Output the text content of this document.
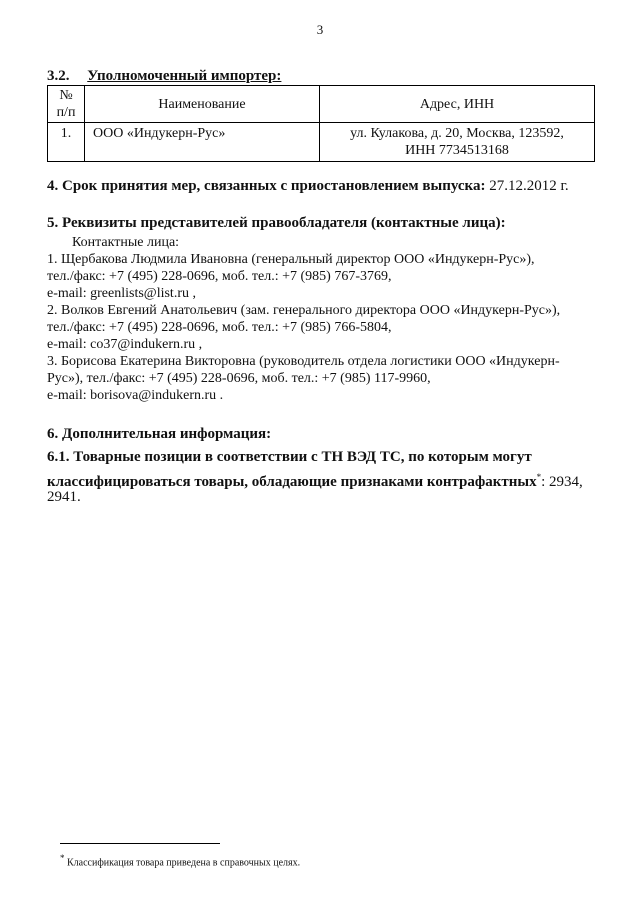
3
3.2. Уполномоченный импортер:
№
п/п	Наименование	Адрес, ИНН
1.	ООО «Индукерн-Рус»	ул. Кулакова, д. 20, Москва, 123592,
ИНН 7734513168
4. Срок принятия мер, связанных с приостановлением выпуска: 27.12.2012 г.
5. Реквизиты представителей правообладателя (контактные лица):
Контактные лица:
1. Щербакова Людмила Ивановна (генеральный директор ООО «Индукерн-Рус»),
тел./факс: +7 (495) 228-0696, моб. тел.: +7 (985) 767-3769,
e-mail: greenlists@list.ru ,
2. Волков Евгений Анатольевич (зам. генерального директора ООО «Индукерн-Рус»),
тел./факс: +7 (495) 228-0696, моб. тел.: +7 (985) 766-5804,
e-mail: co37@indukern.ru ,
3. Борисова Екатерина Викторовна (руководитель отдела логистики ООО «Индукерн-
Рус»), тел./факс: +7 (495) 228-0696, моб. тел.: +7 (985) 117-9960,
e-mail: borisova@indukern.ru .
6. Дополнительная информация:
6.1. Товарные позиции в соответствии с ТН ВЭД ТС, по которым могут
классифицироваться товары, обладающие признаками контрафактных*: 2934,
2941.
* Классификация товара приведена в справочных целях.
